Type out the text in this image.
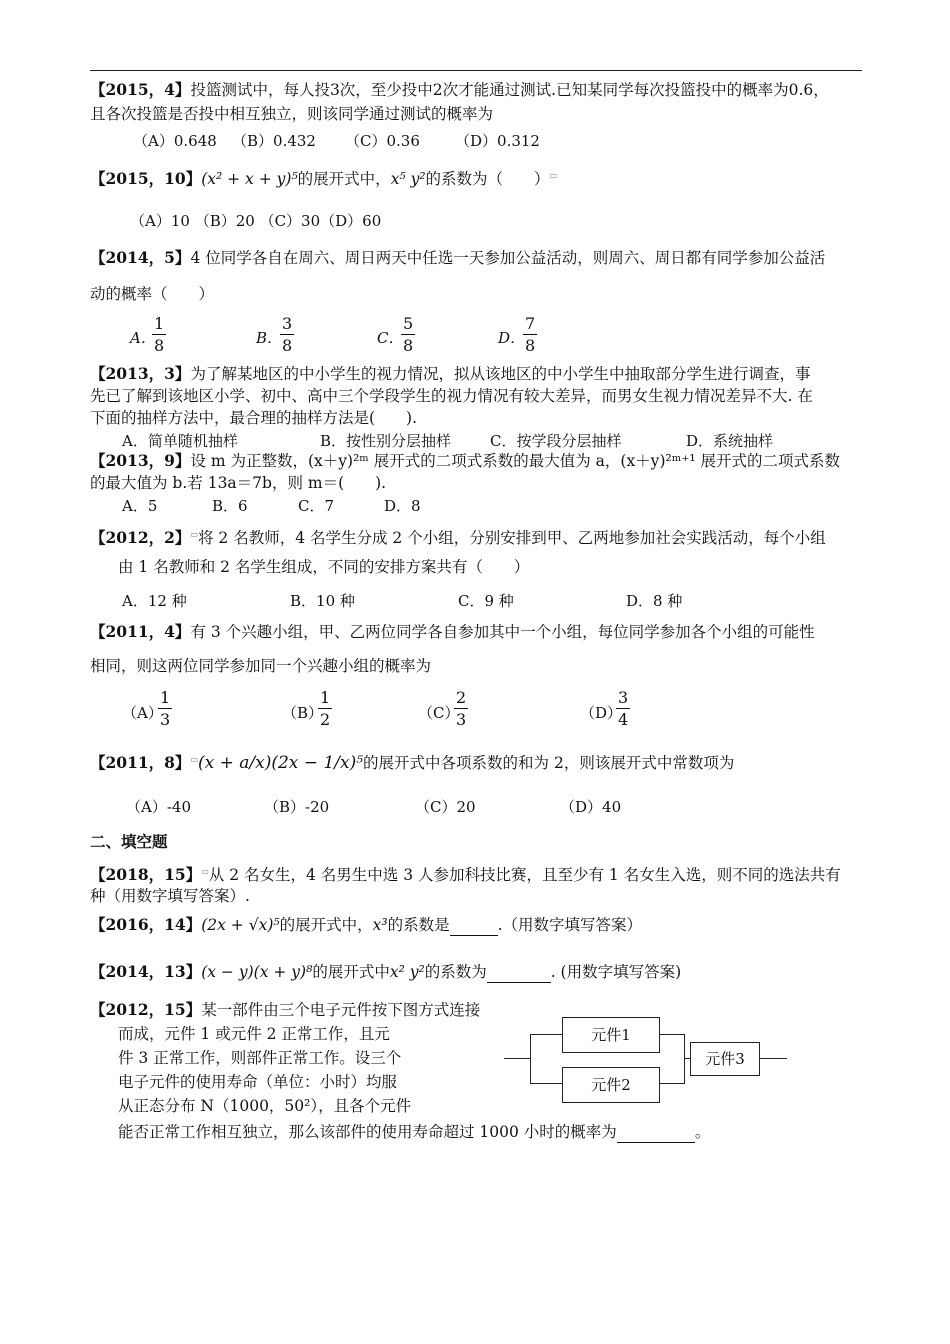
【2015，4】投篮测试中，每人投3次，至少投中2次才能通过测试.已知某同学每次投篮投中的概率为0.6，
且各次投篮是否投中相互独立，则该同学通过测试的概率为
（A）0.648 （B）0.432 （C）0.36 （D）0.312
【2015，10】(x² + x + y)⁵的展开式中，x⁵ y²的系数为（　　）▭
（A）10 （B）20 （C）30（D）60
【2014，5】4 位同学各自在周六、周日两天中任选一天参加公益活动，则周六、周日都有同学参加公益活
动的概率（　　）
A．
1
8	B．
3
8	C．
5
8	D．
7
8
【2013，3】为了解某地区的中小学生的视力情况，拟从该地区的中小学生中抽取部分学生进行调查，事
先已了解到该地区小学、初中、高中三个学段学生的视力情况有较大差异，而男女生视力情况差异不大. 在
下面的抽样方法中，最合理的抽样方法是(　　).
A．简单随机抽样	B．按性别分层抽样	C．按学段分层抽样	D．系统抽样
【2013，9】设 m 为正整数，(x＋y)²ᵐ 展开式的二项式系数的最大值为 a，(x＋y)²ᵐ⁺¹ 展开式的二项式系数
的最大值为 b.若 13a＝7b，则 m＝(　　).
A．5	B．6	C．7	D．8
【2012，2】▭将 2 名教师，4 名学生分成 2 个小组，分别安排到甲、乙两地参加社会实践活动，每个小组
由 1 名教师和 2 名学生组成，不同的安排方案共有（　　）
A．12 种	B．10 种	C．9 种	D．8 种
【2011，4】有 3 个兴趣小组，甲、乙两位同学各自参加其中一个小组，每位同学参加各个小组的可能性
相同，则这两位同学参加同一个兴趣小组的概率为
（A）
1
3	（B）
1
2	（C）
2
3	（D）
3
4
【2011，8】▭(x + a/x)(2x − 1/x)⁵的展开式中各项系数的和为 2，则该展开式中常数项为
（A）-40	（B）-20	（C）20	（D）40
二、填空题
【2018，15】▭从 2 名女生，4 名男生中选 3 人参加科技比赛，且至少有 1 名女生入选，则不同的选法共有
种（用数字填写答案）.
【2016，14】(2x + √x)⁵的展开式中，x³的系数是	.（用数字填写答案）
【2014，13】(x − y)(x + y)⁸的展开式中x² y²的系数为	. (用数字填写答案)
【2012，15】某一部件由三个电子元件按下图方式连接
而成，元件 1 或元件 2 正常工作，且元
件 3 正常工作，则部件正常工作。设三个
电子元件的使用寿命（单位：小时）均服
从正态分布 N（1000，50²），且各个元件
能否正常工作相互独立，那么该部件的使用寿命超过 1000 小时的概率为	。
元件1
元件2
元件3
